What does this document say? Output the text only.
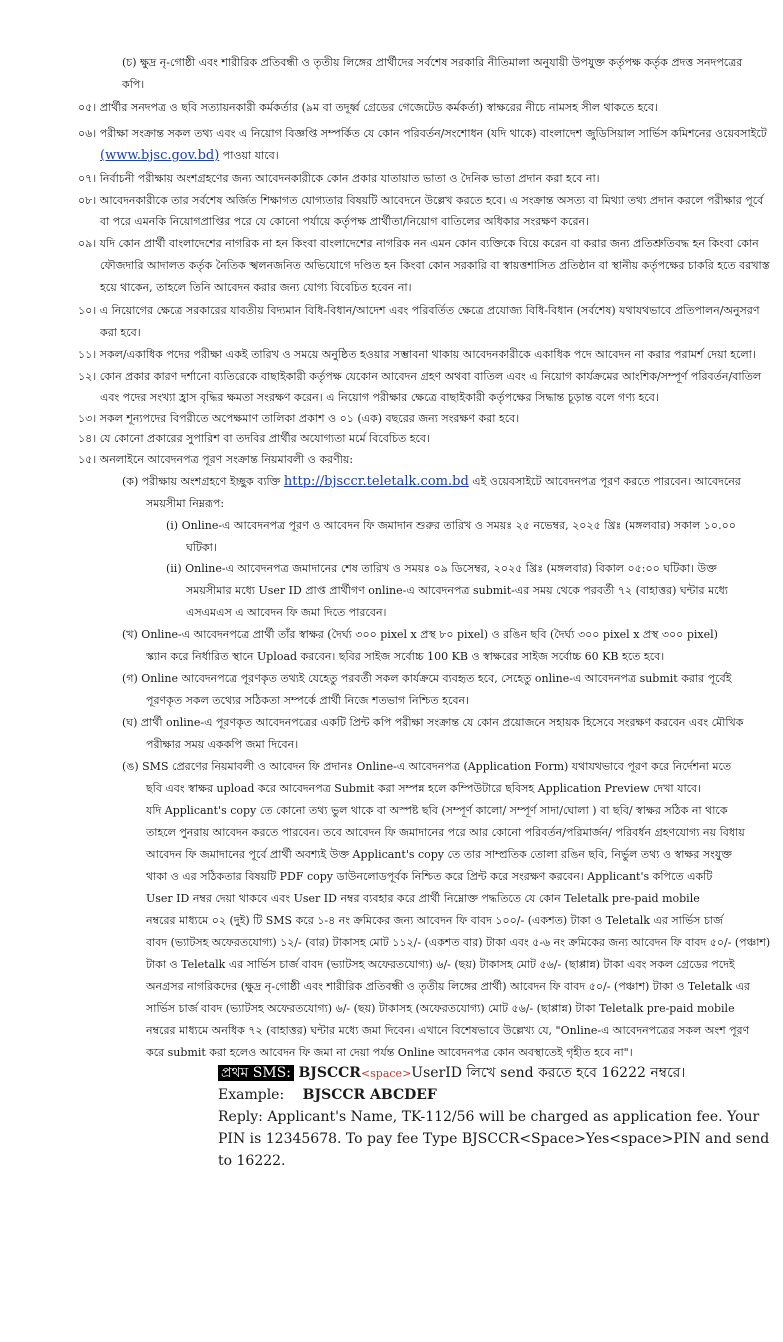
(চ) ক্ষুদ্র নৃ-গোষ্ঠী এবং শারীরিক প্রতিবন্ধী ও তৃতীয় লিঙ্গের প্রার্থীদের সর্বশেষ সরকারি নীতিমালা অনুযায়ী উপযুক্ত কর্তৃপক্ষ কর্তৃক প্রদত্ত সনদপত্রের
কপি।
০৫। প্রার্থীর সনদপত্র ও ছবি সত্যায়নকারী কর্মকর্তার (৯ম বা তদূর্ধ্ব গ্রেডের গেজেটেড কর্মকর্তা) স্বাক্ষরের নীচে নামসহ সীল থাকতে হবে।
০৬। পরীক্ষা সংক্রান্ত সকল তথ্য এবং এ নিয়োগ বিজ্ঞপ্তি সম্পর্কিত যে কোন পরিবর্তন/সংশোধন (যদি থাকে) বাংলাদেশ জুডিসিয়াল সার্ভিস কমিশনের ওয়েবসাইটে
(www.bjsc.gov.bd) পাওয়া যাবে।
০৭। নির্বাচনী পরীক্ষায় অংশগ্রহণের জন্য আবেদনকারীকে কোন প্রকার যাতায়াত ভাতা ও দৈনিক ভাতা প্রদান করা হবে না।
০৮। আবেদনকারীকে তার সর্বশেষ অর্জিত শিক্ষাগত যোগ্যতার বিষয়টি আবেদনে উল্লেখ করতে হবে। এ সংক্রান্ত অসত্য বা মিথ্যা তথ্য প্রদান করলে পরীক্ষার পূর্বে
বা পরে এমনকি নিয়োগপ্রাপ্তির পরে যে কোনো পর্যায়ে কর্তৃপক্ষ প্রার্থীতা/নিয়োগ বাতিলের অধিকার সংরক্ষণ করেন।
০৯। যদি কোন প্রার্থী বাংলাদেশের নাগরিক না হন কিংবা বাংলাদেশের নাগরিক নন এমন কোন ব্যক্তিকে বিয়ে করেন বা করার জন্য প্রতিশ্রুতিবদ্ধ হন কিংবা কোন
ফৌজদারি আদালত কর্তৃক নৈতিক স্খলনজনিত অভিযোগে দণ্ডিত হন কিংবা কোন সরকারি বা স্বায়ত্তশাসিত প্রতিষ্ঠান বা স্থানীয় কর্তৃপক্ষের চাকরি হতে বরখাস্ত
হয়ে থাকেন, তাহলে তিনি আবেদন করার জন্য যোগ্য বিবেচিত হবেন না।
১০। এ নিয়োগের ক্ষেত্রে সরকারের যাবতীয় বিদ্যমান বিধি-বিধান/আদেশ এবং পরিবর্তিত ক্ষেত্রে প্রযোজ্য বিধি-বিধান (সর্বশেষ) যথাযথভাবে প্রতিপালন/অনুসরণ
করা হবে।
১১। সকল/একাধিক পদের পরীক্ষা একই তারিখ ও সময়ে অনুষ্ঠিত হওয়ার সম্ভাবনা থাকায় আবেদনকারীকে একাধিক পদে আবেদন না করার পরামর্শ দেয়া হলো।
১২। কোন প্রকার কারণ দর্শানো ব্যতিরেকে বাছাইকারী কর্তৃপক্ষ যেকোন আবেদন গ্রহণ অথবা বাতিল এবং এ নিয়োগ কার্যক্রমের আংশিক/সম্পূর্ণ পরিবর্তন/বাতিল
এবং পদের সংখ্যা হ্রাস বৃদ্ধির ক্ষমতা সংরক্ষণ করেন। এ নিয়োগ পরীক্ষার ক্ষেত্রে বাছাইকারী কর্তৃপক্ষের সিদ্ধান্ত চূড়ান্ত বলে গণ্য হবে।
১৩। সকল শূন্যপদের বিপরীতে অপেক্ষমাণ তালিকা প্রকাশ ও ০১ (এক) বছরের জন্য সংরক্ষণ করা হবে।
১৪। যে কোনো প্রকারের সুপারিশ বা তদবির প্রার্থীর অযোগ্যতা মর্মে বিবেচিত হবে।
১৫। অনলাইনে আবেদনপত্র পূরণ সংক্রান্ত নিয়মাবলী ও করণীয়:
(ক) পরীক্ষায় অংশগ্রহণে ইচ্ছুক ব্যক্তি http://bjsccr.teletalk.com.bd এই ওয়েবসাইটে আবেদনপত্র পূরণ করতে পারবেন। আবেদনের
সময়সীমা নিম্নরূপ:
(i) Online-এ আবেদনপত্র পূরণ ও আবেদন ফি জমাদান শুরুর তারিখ ও সময়ঃ ২৫ নভেম্বর, ২০২৫ খ্রিঃ (মঙ্গলবার) সকাল ১০.০০
ঘটিকা।
(ii) Online-এ আবেদনপত্র জমাদানের শেষ তারিখ ও সময়ঃ ০৯ ডিসেম্বর, ২০২৫ খ্রিঃ (মঙ্গলবার) বিকাল ০৫:০০ ঘটিকা। উক্ত
সময়সীমার মধ্যে User ID প্রাপ্ত প্রার্থীগণ online-এ আবেদনপত্র submit-এর সময় থেকে পরবর্তী ৭২ (বাহাত্তর) ঘন্টার মধ্যে
এসএমএস এ আবেদন ফি জমা দিতে পারবেন।
(খ) Online-এ আবেদনপত্রে প্রার্থী তাঁর স্বাক্ষর (দৈর্ঘ্য ৩০০ pixel x প্রস্থ ৮০ pixel) ও রঙিন ছবি (দৈর্ঘ্য ৩০০ pixel x প্রস্থ ৩০০ pixel)
স্ক্যান করে নির্ধারিত স্থানে Upload করবেন। ছবির সাইজ সর্বোচ্চ 100 KB ও স্বাক্ষরের সাইজ সর্বোচ্চ 60 KB হতে হবে।
(গ) Online আবেদনপত্রে পূরণকৃত তথ্যই যেহেতু পরবর্তী সকল কার্যক্রমে ব্যবহৃত হবে, সেহেতু online-এ আবেদনপত্র submit করার পূর্বেই
পূরণকৃত সকল তথ্যের সঠিকতা সম্পর্কে প্রার্থী নিজে শতভাগ নিশ্চিত হবেন।
(ঘ) প্রার্থী online-এ পূরণকৃত আবেদনপত্রের একটি প্রিন্ট কপি পরীক্ষা সংক্রান্ত যে কোন প্রয়োজনে সহায়ক হিসেবে সংরক্ষণ করবেন এবং মৌখিক
পরীক্ষার সময় এককপি জমা দিবেন।
(ঙ) SMS প্রেরণের নিয়মাবলী ও আবেদন ফি প্রদানঃ Online-এ আবেদনপত্র (Application Form) যথাযথভাবে পূরণ করে নির্দেশনা মতে
ছবি এবং স্বাক্ষর upload করে আবেদনপত্র Submit করা সম্পন্ন হলে কম্পিউটারে ছবিসহ Application Preview দেখা যাবে।
যদি Applicant's copy তে কোনো তথ্য ভুল থাকে বা অস্পষ্ট ছবি (সম্পূর্ণ কালো/ সম্পূর্ণ সাদা/ঘোলা ) বা ছবি/ স্বাক্ষর সঠিক না থাকে
তাহলে পুনরায় আবেদন করতে পারবেন। তবে আবেদন ফি জমাদানের পরে আর কোনো পরিবর্তন/পরিমার্জন/ পরিবর্ধন গ্রহণযোগ্য নয় বিধায়
আবেদন ফি জমাদানের পূর্বে প্রার্থী অবশ্যই উক্ত Applicant's copy তে তার সাম্প্রতিক তোলা রঙিন ছবি, নির্ভুল তথ্য ও স্বাক্ষর সংযুক্ত
থাকা ও এর সঠিকতার বিষয়টি PDF copy ডাউনলোডপূর্বক নিশ্চিত করে প্রিন্ট করে সংরক্ষণ করবেন। Applicant's কপিতে একটি
User ID নম্বর দেয়া থাকবে এবং User ID নম্বর ব্যবহার করে প্রার্থী নিম্নোক্ত পদ্ধতিতে যে কোন Teletalk pre-paid mobile
নম্বরের মাধ্যমে ০২ (দুই) টি SMS করে ১-৪ নং ক্রমিকের জন্য আবেদন ফি বাবদ ১০০/- (একশত) টাকা ও Teletalk এর সার্ভিস চার্জ
বাবদ (ভ্যাটসহ অফেরতযোগ্য) ১২/- (বার) টাকাসহ মোট ১১২/- (একশত বার) টাকা এবং ৫-৬ নং ক্রমিকের জন্য আবেদন ফি বাবদ ৫০/- (পঞ্চাশ)
টাকা ও Teletalk এর সার্ভিস চার্জ বাবদ (ভ্যাটসহ অফেরতযোগ্য) ৬/- (ছয়) টাকাসহ মোট ৫৬/- (ছাপ্পান্ন) টাকা এবং সকল গ্রেডের পদেই
অনগ্রসর নাগরিকদের (ক্ষুদ্র নৃ-গোষ্ঠী এবং শারীরিক প্রতিবন্ধী ও তৃতীয় লিঙ্গের প্রার্থী) আবেদন ফি বাবদ ৫০/- (পঞ্চাশ) টাকা ও Teletalk এর
সার্ভিস চার্জ বাবদ (ভ্যাটসহ অফেরতযোগ্য) ৬/- (ছয়) টাকাসহ (অফেরতযোগ্য) মোট ৫৬/- (ছাপ্পান্ন) টাকা Teletalk pre-paid mobile
নম্বরের মাধ্যমে অনধিক ৭২ (বাহাত্তর) ঘন্টার মধ্যে জমা দিবেন। এখানে বিশেষভাবে উল্লেখ্য যে, "Online-এ আবেদনপত্রের সকল অংশ পূরণ
করে submit করা হলেও আবেদন ফি জমা না দেয়া পর্যন্ত Online আবেদনপত্র কোন অবস্থাতেই গৃহীত হবে না"।
প্রথম SMS: BJSCCR<space>UserID লিখে send করতে হবে 16222 নম্বরে।
Example: BJSCCR ABCDEF
Reply: Applicant's Name, TK-112/56 will be charged as application fee. Your
PIN is 12345678. To pay fee Type BJSCCR<Space>Yes<space>PIN and send
to 16222.
